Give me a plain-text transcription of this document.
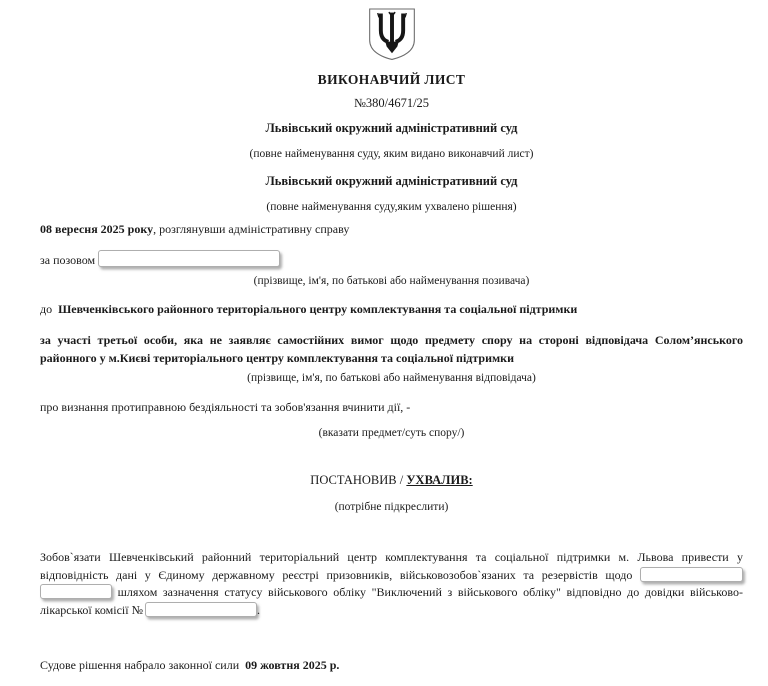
ВИКОНАВЧИЙ ЛИСТ
№380/4671/25
Львівський окружний адміністративний суд
(повне найменування суду, яким видано виконавчий лист)
Львівський окружний адміністративний суд
(повне найменування суду,яким ухвалено рішення)
08 вересня 2025 року, розглянувши адміністративну справу
за позовом
(прізвище, ім'я, по батькові або найменування позивача)
до Шевченківського районного територіального центру комплектування та соціальної підтримки
за участі третьої особи, яка не заявляє самостійних вимог щодо предмету спору на стороні відповідача Солом’янського
районного у м.Києві територіального центру комплектування та соціальної підтримки
(прізвище, ім'я, по батькові або найменування відповідача)
про визнання протиправною бездіяльності та зобов'язання вчинити дії, -
(вказати предмет/суть спору/)
ПОСТАНОВИВ / УХВАЛИВ:
(потрібне підкреслити)
Зобов`язати Шевченківський районний територіальний центр комплектування та соціальної підтримки м. Львова привести у
відповідність дані у Єдиному державному реєстрі призовників, військовозобов`язаних та резервістів щодо
шляхом зазначення статусу військового обліку "Виключений з військового обліку" відповідно до довідки військово-
лікарської комісії №	.
Судове рішення набрало законної сили 09 жовтня 2025 р.
